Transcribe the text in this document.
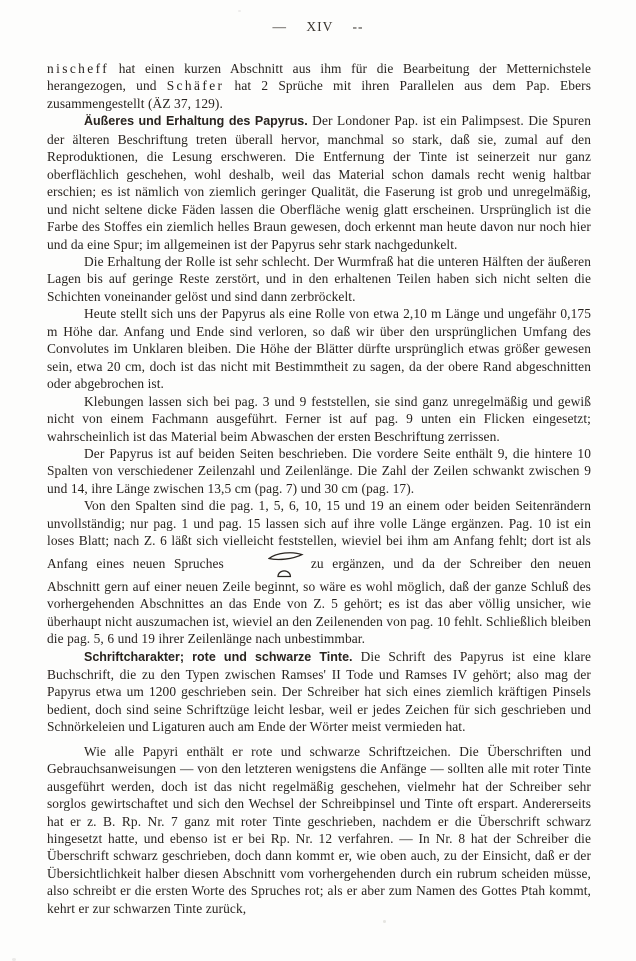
— XIV --

nischeff hat einen kurzen Abschnitt aus ihm für die Bearbeitung der Metternichstele herangezogen, und Schäfer hat 2 Sprüche mit ihren Parallelen aus dem Pap. Ebers zusammengestellt (ÄZ 37, 129).

Äußeres und Erhaltung des Papyrus. Der Londoner Pap. ist ein Palimpsest. Die Spuren der älteren Beschriftung treten überall hervor, manchmal so stark, daß sie, zumal auf den Reproduktionen, die Lesung erschweren. Die Entfernung der Tinte ist seinerzeit nur ganz oberflächlich geschehen, wohl deshalb, weil das Material schon damals recht wenig haltbar erschien; es ist nämlich von ziemlich geringer Qualität, die Faserung ist grob und unregelmäßig, und nicht seltene dicke Fäden lassen die Oberfläche wenig glatt erscheinen. Ursprünglich ist die Farbe des Stoffes ein ziemlich helles Braun gewesen, doch erkennt man heute davon nur noch hier und da eine Spur; im allgemeinen ist der Papyrus sehr stark nachgedunkelt.

Die Erhaltung der Rolle ist sehr schlecht. Der Wurmfraß hat die unteren Hälften der äußeren Lagen bis auf geringe Reste zerstört, und in den erhaltenen Teilen haben sich nicht selten die Schichten voneinander gelöst und sind dann zerbröckelt.

Heute stellt sich uns der Papyrus als eine Rolle von etwa 2,10 m Länge und ungefähr 0,175 m Höhe dar. Anfang und Ende sind verloren, so daß wir über den ursprünglichen Umfang des Convolutes im Unklaren bleiben. Die Höhe der Blätter dürfte ursprünglich etwas größer gewesen sein, etwa 20 cm, doch ist das nicht mit Bestimmtheit zu sagen, da der obere Rand abgeschnitten oder abgebrochen ist.

Klebungen lassen sich bei pag. 3 und 9 feststellen, sie sind ganz unregelmäßig und gewiß nicht von einem Fachmann ausgeführt. Ferner ist auf pag. 9 unten ein Flicken eingesetzt; wahrscheinlich ist das Material beim Abwaschen der ersten Beschriftung zerrissen.

Der Papyrus ist auf beiden Seiten beschrieben. Die vordere Seite enthält 9, die hintere 10 Spalten von verschiedener Zeilenzahl und Zeilenlänge. Die Zahl der Zeilen schwankt zwischen 9 und 14, ihre Länge zwischen 13,5 cm (pag. 7) und 30 cm (pag. 17).

Von den Spalten sind die pag. 1, 5, 6, 10, 15 und 19 an einem oder beiden Seitenrändern unvollständig; nur pag. 1 und pag. 15 lassen sich auf ihre volle Länge ergänzen. Pag. 10 ist ein loses Blatt; nach Z. 6 läßt sich vielleicht feststellen, wieviel bei ihm am Anfang fehlt; dort ist als Anfang eines neuen Spruches	zu ergänzen, und da der Schreiber den neuen Abschnitt gern auf einer neuen Zeile beginnt, so wäre es wohl möglich, daß der ganze Schluß des vorhergehenden Abschnittes an das Ende von Z. 5 gehört; es ist das aber völlig unsicher, wie überhaupt nicht auszumachen ist, wieviel an den Zeilenenden von pag. 10 fehlt. Schließlich bleiben die pag. 5, 6 und 19 ihrer Zeilenlänge nach unbestimmbar.

Schriftcharakter; rote und schwarze Tinte. Die Schrift des Papyrus ist eine klare Buchschrift, die zu den Typen zwischen Ramses' II Tode und Ramses IV gehört; also mag der Papyrus etwa um 1200 geschrieben sein. Der Schreiber hat sich eines ziemlich kräftigen Pinsels bedient, doch sind seine Schriftzüge leicht lesbar, weil er jedes Zeichen für sich geschrieben und Schnörkeleien und Ligaturen auch am Ende der Wörter meist vermieden hat.

Wie alle Papyri enthält er rote und schwarze Schriftzeichen. Die Überschriften und Gebrauchsanweisungen — von den letzteren wenigstens die Anfänge — sollten alle mit roter Tinte ausgeführt werden, doch ist das nicht regelmäßig geschehen, vielmehr hat der Schreiber sehr sorglos gewirtschaftet und sich den Wechsel der Schreibpinsel und Tinte oft erspart. Andererseits hat er z. B. Rp. Nr. 7 ganz mit roter Tinte geschrieben, nachdem er die Überschrift schwarz hingesetzt hatte, und ebenso ist er bei Rp. Nr. 12 verfahren. — In Nr. 8 hat der Schreiber die Überschrift schwarz geschrieben, doch dann kommt er, wie oben auch, zu der Einsicht, daß er der Übersichtlichkeit halber diesen Abschnitt vom vorhergehenden durch ein rubrum scheiden müsse, also schreibt er die ersten Worte des Spruches rot; als er aber zum Namen des Gottes Ptah kommt, kehrt er zur schwarzen Tinte zurück,
